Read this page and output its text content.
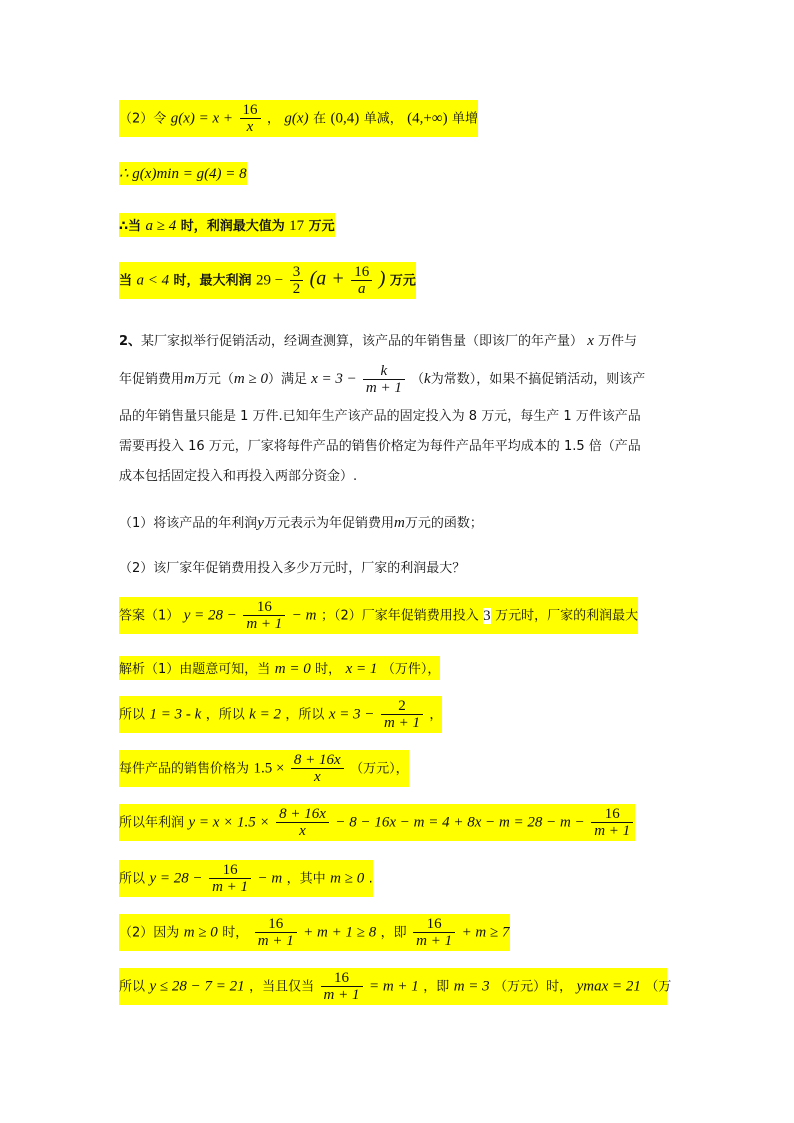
（2）令 $g(x) = x + \frac{16}{x}$ ， g(x) 在 (0,4) 单减， (4,+∞) 单增
∴ g(x)min = g(4) = 8
∴当 a ≥ 4 时，利润最大值为 17 万元
当 a < 4 时，最大利润 $29 - \frac{3}{2} (a + \frac{16}{a}$ ) 万元
2、某厂家拟举行促销活动，经调查测算，该产品的年销售量（即该厂的年产量） x 万件与
年促销费用m万元（m ≥ 0）满足 $x = 3 - \frac{k}{m + 1} (k$为常数），如果不搞促销活动，则该产
品的年销售量只能是 1 万件.已知年生产该产品的固定投入为 8 万元，每生产 1 万件该产品
需要再投入 16 万元，厂家将每件产品的销售价格定为每件产品年平均成本的 1.5 倍（产品
成本包括固定投入和再投入两部分资金）.
（1）将该产品的年利润y万元表示为年促销费用m万元的函数；
（2）该厂家年促销费用投入多少万元时，厂家的利润最大？
答案（1） $y = 28 - \frac{16}{m + 1} - m$ ；（2）厂家年促销费用投入 3 万元时，厂家的利润最大
解析（1）由题意可知，当 m = 0 时， x = 1 （万件），
所以 1 = 3 - k ，所以 k = 2 ，所以 $x = 3 - \frac{2}{m + 1}$ ，
每件产品的销售价格为 $1.5 \times \frac{8 + 16x}{x}$ （万元），
所以年利润 $y = x \times 1.5 \times \frac{8 + 16x}{x} - 8 - 16x - m = 4 + 8x - m = 28 - m - \frac{16}{m + 1}$
所以 $y = 28 - \frac{16}{m + 1} - m$ ，其中 m ≥ 0 .
（2）因为 m ≥ 0 时， $\frac{16}{m + 1} + m + 1 \ge 8$ ，即 $\frac{16}{m + 1} + m \ge 7$
所以 y ≤ 28 − 7 = 21 ，当且仅当 $\frac{16}{m + 1} = m + 1$ ，即 m = 3 （万元）时， ymax = 21 （万
